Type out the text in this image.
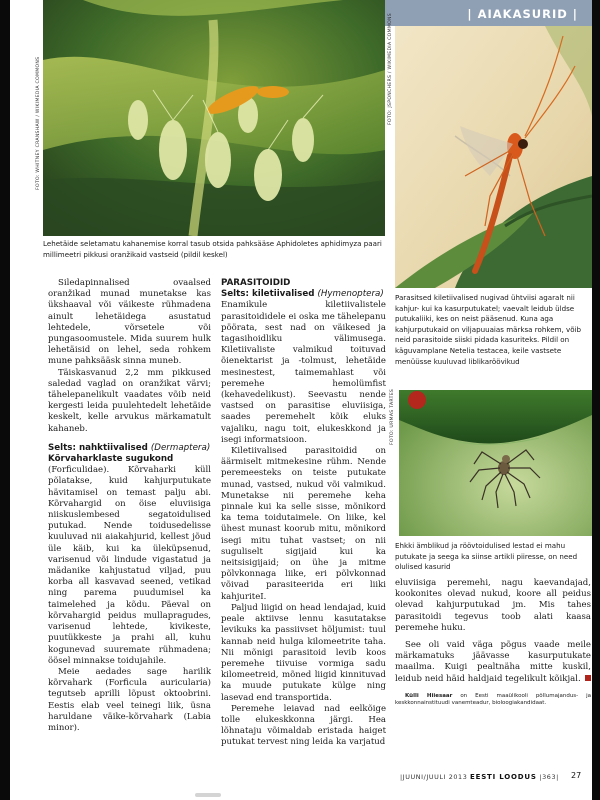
| AIAKASURID |
FOTO: WHITNEY CRANSHAW / WIKIMEDIA COMMONS
Lehetäide seletamatu kahanemise korral tasub otsida pahksääse Aphidoletes aphidimyza paari millimeetri pikkusi oranžikaid vastseid (pildil keskel)
FOTO: JSPONCHERS / WIKIMEDIA COMMONS
Parasitsed kiletiivalised nugivad ühtviisi agaralt nii kahjur- kui ka kasurputukatel; vaevalt leidub üldse putukaliiki, kes on neist pääsenud. Kuna aga kahjurputukaid on viljapuuaias märksa rohkem, võib neid parasitoide siiski pidada kasuriteks. Pildil on käguvamplane Netelia testacea, keile vastsete menüüsse kuuluvad liblikaröövikud
FOTO: URMAS TARTES
Ehkki ämblikud ja röövtoidulised lestad ei mahu putukate ja seega ka siinse artikli piiresse, on need olulised kasurid

Siledapinnalised ovaalsed oranžikad munad munetakse kas ükshaaval või väikeste rühmadena ainult lehetäidega asustatud lehtedele, võrsetele või pungasoomustele. Mida suurem hulk lehetäisid on lehel, seda rohkem mune pahksääsk sinna muneb.

Täiskasvanud 2,2 mm pikkused saledad vaglad on oranžikat värvi; tähelepanelikult vaadates võib neid kergesti leida puulehtedelt lehetäide keskelt, kelle arvukus märkamatult kahaneb.

Selts: nahktiivalised (Dermaptera)

Kõrvaharklaste sugukond

(Forficulidae). Kõrvaharki küll põlatakse, kuid kahjurputukate hävitamisel on temast palju abi. Kõrvahargid on öise eluviisiga niiskuslembesed segatoidulised putukad. Nende toidusedelisse kuuluvad nii aiakahjurid, kellest jõud üle käib, kui ka üleküpsenud, varisenud või lindude vigastatud ja mädanike kahjustatud viljad, puu korba all kasvavad seened, vetikad ning parema puudumisel ka taimelehed ja kõdu. Päeval on kõrvahargid peidus mullapragudes, varisenud lehtede, kivikeste, puutükkeste ja prahi all, kuhu kogunevad suuremate rühmadena; öösel minnakse toidujahile.

Meie aedades sage harilik kõrvahark (Forficula auricularia) tegutseb aprilli lõpust oktoobrini. Eestis elab veel teinegi liik, üsna haruldane väike-kõrvahark (Labia minor).

PARASITOIDID

Selts: kiletiivalised (Hymenoptera)

Enamikule kiletiivalistele parasitoididele ei oska me tähelepanu pöörata, sest nad on väikesed ja tagasihoidliku välimusega. Kiletiivaliste valmikud toituvad õienektarist ja -tolmust, lehetäide mesinestest, taimemahlast või peremehe hemolümfist (kehavedelikust). Seevastu nende vastsed on parasitise eluviisiga, saades peremehelt kõik eluks vajaliku, nagu toit, elukeskkond ja isegi informatsioon.

Kiletiivalised parasitoidid on äärmiselt mitmekesine rühm. Nende peremeesteks on teiste putukate munad, vastsed, nukud või valmikud. Munetakse nii peremehe keha pinnale kui ka selle sisse, mõnikord ka tema toidutaimele. On liike, kel ühest munast koorub mitu, mõnikord isegi mitu tuhat vastset; on nii suguliselt sigijaid kui ka neitsisigijaid; on ühe ja mitme põlvkonnaga liike, eri põlvkonnad võivad parasiteerida eri liiki kahjuriteI.

Paljud liigid on head lendajad, kuid peale aktiivse lennu kasutatakse levikuks ka passiivset hõljumist: tuul kannab neid hulga kilomeetrite taha. Nii mõnigi parasitoid levib koos peremehe tiivuise vormiga sadu kilomeetreid, mõned liigid kinnituvad ka muude putukate külge ning lasevad end transportida.

Peremehe leiavad nad eelkõige tolle elukeskkonna järgi. Hea lõhnataju võimaldab eristada haiget putukat tervest ning leida ka varjatud

eluviisiga peremehi, nagu kaevandajad, kookonites olevad nukud, koore all peidus olevad kahjurputukad jm. Mis tahes parasitoidi tegevus toob alati kaasa peremehe huku.

See oli vaid väga põgus vaade meile märkamatuks jäävasse kasurputukate maailma. Kuigi pealtnäha mitte kuskil, leidub neid häid haldjaid tegelikult kõikjal.

Külli Hiiesaar on Eesti maaülikooli põllumajandus- ja keskkonnainstituudi vanemteadur, bioloogiakandidaat.

|JUUNI/JUULI 2013 EESTI LOODUS |363| 27
